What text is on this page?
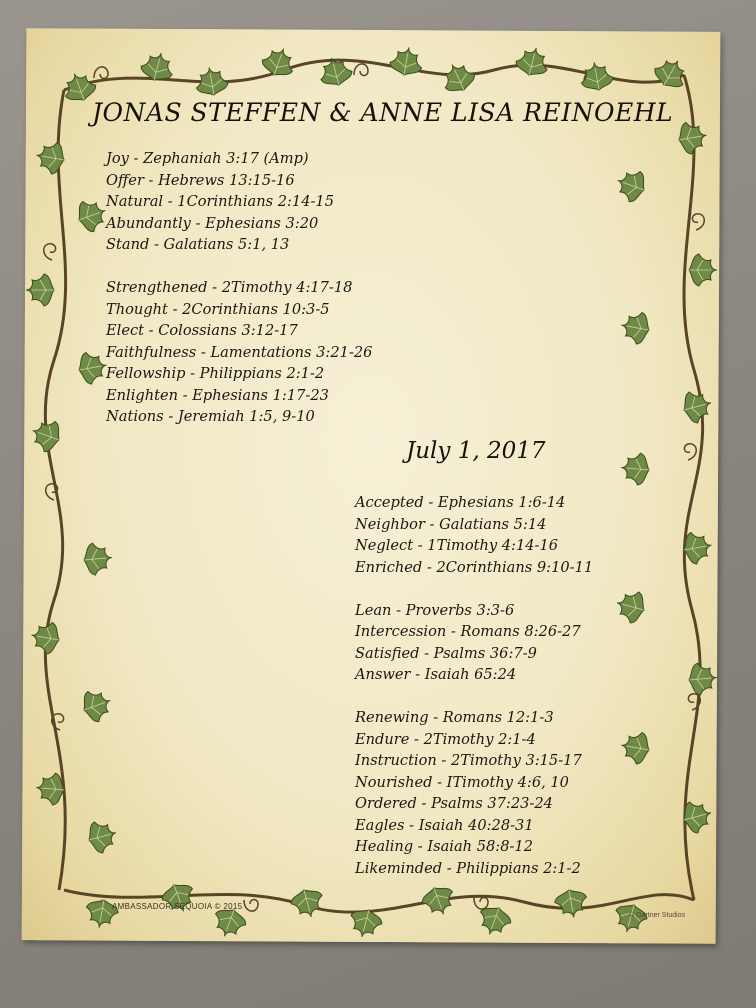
JONAS STEFFEN & ANNE LISA REINOEHL
Joy - Zephaniah 3:17 (Amp)
Offer - Hebrews 13:15-16
Natural - 1Corinthians 2:14-15
Abundantly - Ephesians 3:20
Stand - Galatians 5:1, 13
Strengthened - 2Timothy 4:17-18
Thought - 2Corinthians 10:3-5
Elect - Colossians 3:12-17
Faithfulness - Lamentations 3:21-26
Fellowship - Philippians 2:1-2
Enlighten - Ephesians 1:17-23
Nations - Jeremiah 1:5, 9-10
July 1, 2017
Accepted - Ephesians 1:6-14
Neighbor - Galatians 5:14
Neglect - 1Timothy 4:14-16
Enriched - 2Corinthians 9:10-11
Lean - Proverbs 3:3-6
Intercession - Romans 8:26-27
Satisfied - Psalms 36:7-9
Answer - Isaiah 65:24
Renewing - Romans 12:1-3
Endure - 2Timothy 2:1-4
Instruction - 2Timothy 3:15-17
Nourished - ITimothy 4:6, 10
Ordered - Psalms 37:23-24
Eagles - Isaiah 40:28-31
Healing - Isaiah 58:8-12
Likeminded - Philippians 2:1-2
AMBASSADOR SEQUOIA © 2015
© Gartner Studios
